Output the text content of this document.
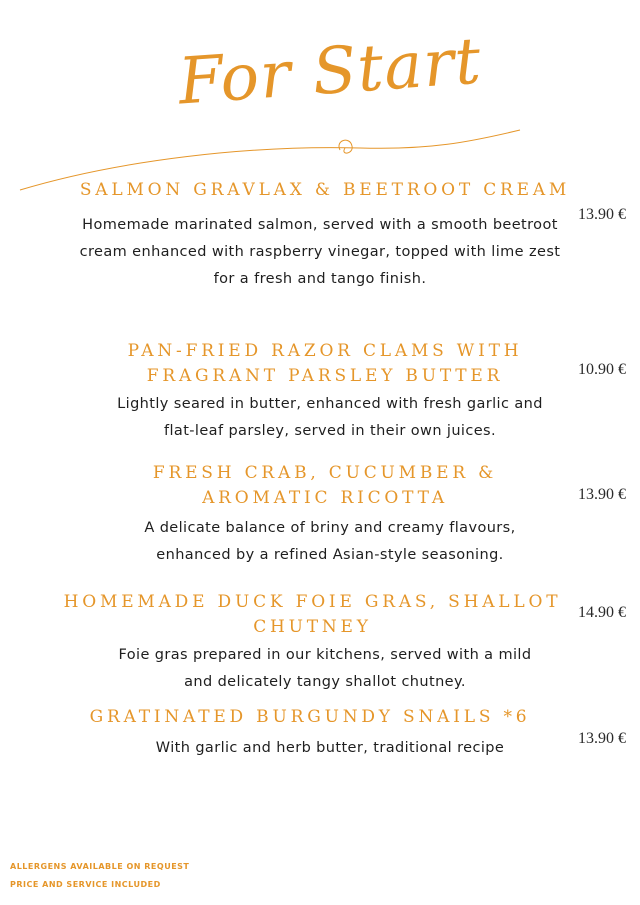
For Start
SALMON GRAVLAX & BEETROOT CREAM
Homemade marinated salmon, served with a smooth beetroot cream enhanced with raspberry vinegar, topped with lime zest for a fresh and tango finish.
13.90 €
PAN-FRIED RAZOR CLAMS WITH FRAGRANT PARSLEY BUTTER
Lightly seared in butter, enhanced with fresh garlic and flat-leaf parsley, served in their own juices.
10.90 €
FRESH CRAB, CUCUMBER & AROMATIC RICOTTA
A delicate balance of briny and creamy flavours, enhanced by a refined Asian-style seasoning.
13.90 €
HOMEMADE DUCK FOIE GRAS, SHALLOT CHUTNEY
Foie gras prepared in our kitchens, served with a mild and delicately tangy shallot chutney.
14.90 €
GRATINATED BURGUNDY SNAILS *6
With garlic and herb butter, traditional recipe
13.90 €
ALLERGENS AVAILABLE ON REQUEST
PRICE AND SERVICE INCLUDED
